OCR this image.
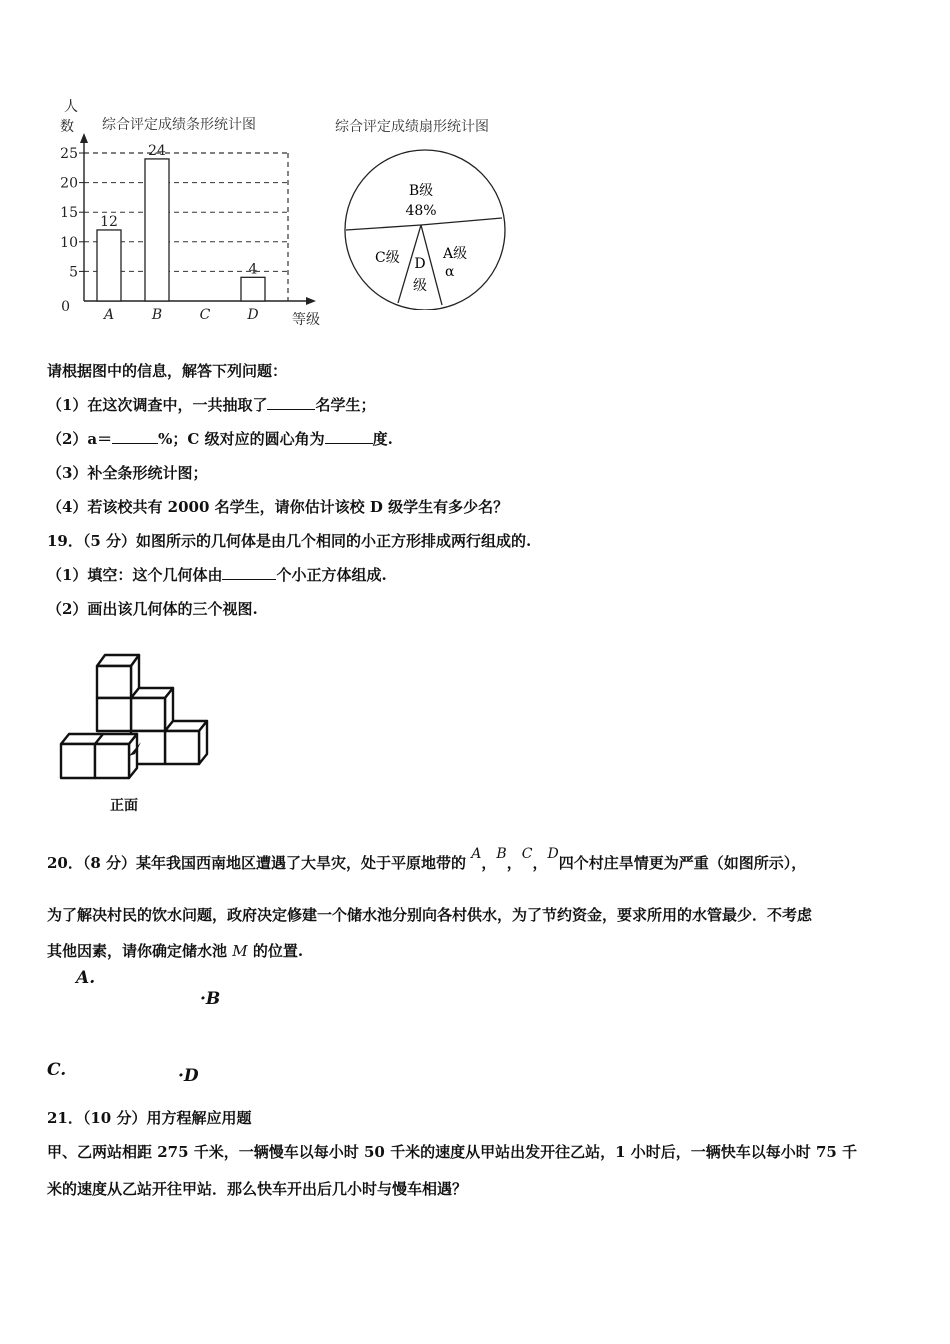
综合评定成绩条形统计图
人
数
等级
0
5
10
15
20
25
A
12
B
24
C	D
4
综合评定成绩扇形统计图
B级
48%
C级 D
级
A级
α
请根据图中的信息，解答下列问题：
（1）在这次调查中，一共抽取了	名学生；
（2）a＝	%；C 级对应的圆心角为	度.
（3）补全条形统计图；
（4）若该校共有 2000 名学生，请你估计该校 D 级学生有多少名？
19．（5 分）如图所示的几何体是由几个相同的小正方形排成两行组成的.
（1）填空：这个几何体由	个小正方体组成.
（2）画出该几何体的三个视图.
正面
20．（8 分）某年我国西南地区遭遇了大旱灾，处于平原地带的 A，B，C，D四个村庄旱情更为严重（如图所示），
为了解决村民的饮水问题，政府决定修建一个储水池分别向各村供水，为了节约资金，要求所用的水管最少．不考虑
其他因素，请你确定储水池 M 的位置.
A.
·B
C.	·D
21．（10 分）用方程解应用题
甲、乙两站相距 275 千米，一辆慢车以每小时 50 千米的速度从甲站出发开往乙站，1 小时后，一辆快车以每小时 75 千
米的速度从乙站开往甲站．那么快车开出后几小时与慢车相遇？
